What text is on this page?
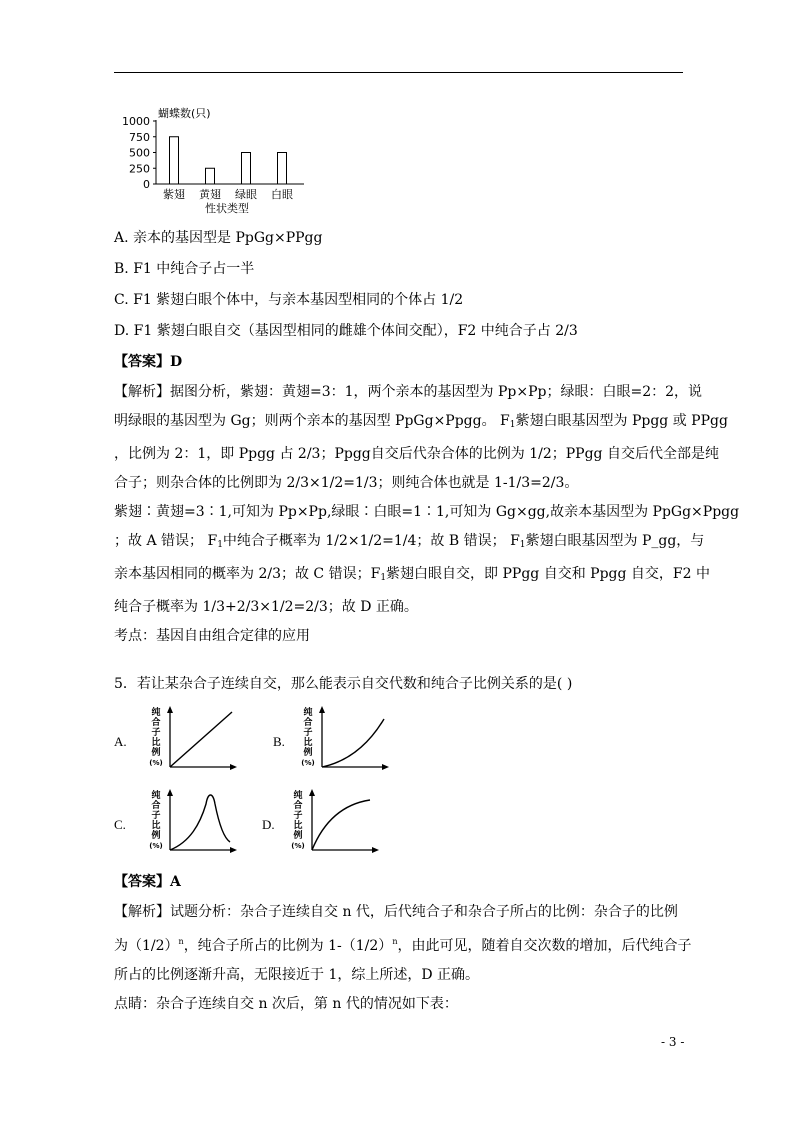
蝴蝶数(只)
1000
750
500
250
0
紫翅 黄翅 绿眼 白眼
性状类型
A. 亲本的基因型是 PpGg×PPgg
B. F1 中纯合子占一半
C. F1 紫翅白眼个体中，与亲本基因型相同的个体占 1/2
D. F1 紫翅白眼自交（基因型相同的雌雄个体间交配），F2 中纯合子占 2/3
【答案】D
【解析】据图分析，紫翅：黄翅=3：1，两个亲本的基因型为 Pp×Pp；绿眼：白眼=2：2，说
明绿眼的基因型为 Gg；则两个亲本的基因型 PpGg×Ppgg。 $F_1$紫翅白眼基因型为 Ppgg 或 PPgg
，比例为 2：1，即 Ppgg 占 2/3；Ppgg自交后代杂合体的比例为 1/2；PPgg 自交后代全部是纯
合子；则杂合体的比例即为 2/3×1/2=1/3；则纯合体也就是 1-1/3=2/3。
紫翅∶黄翅=3∶1,可知为 Pp×Pp,绿眼∶白眼=1∶1,可知为 Gg×gg,故亲本基因型为 PpGg×Ppgg
；故 A 错误； $F_1$中纯合子概率为 1/2×1/2=1/4；故 B 错误； $F_1$紫翅白眼基因型为 P_gg，与
亲本基因相同的概率为 2/3；故 C 错误；$F_1$紫翅白眼自交，即 PPgg 自交和 Ppgg 自交，F2 中
纯合子概率为 1/3+2/3×1/2=2/3；故 D 正确。
考点：基因自由组合定律的应用
5．若让某杂合子连续自交，那么能表示自交代数和纯合子比例关系的是( )
A.	B.
C.	D.
纯
合
子
比
例
(%)
纯
合
子
比
例
(%)
纯
合
子
比
例
(%)
纯
合
子
比
例
(%)
【答案】A
【解析】试题分析：杂合子连续自交 n 代，后代纯合子和杂合子所占的比例：杂合子的比例
为$(1/2)^n$，纯合子所占的比例为 $1-(1/2)^n$，由此可见，随着自交次数的增加，后代纯合子
所占的比例逐渐升高，无限接近于 1，综上所述，D 正确。
点睛：杂合子连续自交 n 次后，第 n 代的情况如下表：
- 3 -
